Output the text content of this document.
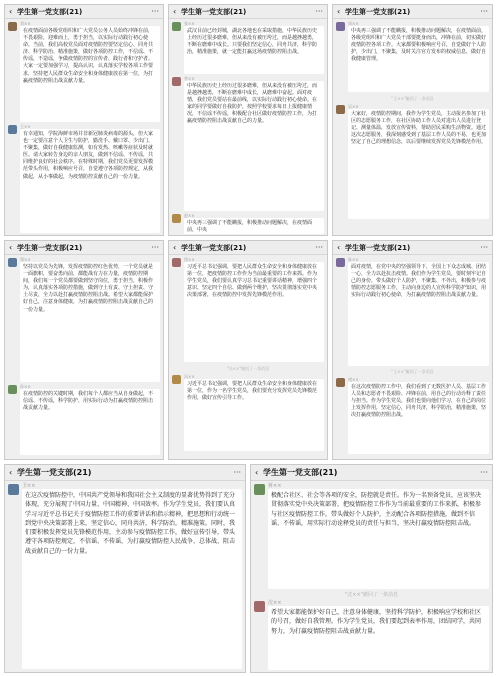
‹ 学生第一党支部(21)	···
刘××
在疫情面前各级党组织和广大党员公务人员始终冲锋在前，不畏艰险，迎难而上，勇于担当，以实际行动践行初心使命。当前，我们高校党员面对疫情防控要坚定信心、同舟共济、科学防治、精准施策，做好各项防控工作，不信谣、不传谣，不造谣，争做疫情防控的宣传者、践行者和守护者。大家一定要加强学习，提高认识，认真落实学校各项工作要求，坚持把人民群众生命安全和身体健康放在第一位，为打赢疫情防控阻击战贡献力量。
王××
有幸通知，学院海鲜市场并非新冠肺炎病毒的源头，但大家也一定要注意个人卫生与防护，勤洗手、戴口罩、少出门、不聚集，做好自我健康监测，如有发热、咳嗽等症状及时就医。请大家转告身边的亲人朋友，做到不信谣、不传谣，共同维护良好的社会秩序。在特殊时期，我们党员更要发挥模范带头作用，积极响应号召，自觉遵守各项防控规定，从我做起，从小事做起，为疫情防控贡献自己的一份力量。
‹ 学生第一党支部(21)	···
张××
武汉目前已经封城，湖北各地也在采取措施，中华民族历史上经历过很多磨难，但从来没有被压垮过，而是越挫越勇，不断在磨难中成长。只要我们坚定信心，同舟共济，科学防治，精准施策，就一定能打赢这场疫情防控阻击战。
李××
中华民族历史上经历过很多磨难，但从来没有被压垮过，而是越挫越勇，不断在磨难中成长，从磨难中奋起。面对疫情，我们党员要站在最前线，以实际行动践行初心使命。在家的同学要做好自我防护，按照学校要求每日上报健康情况，不信谣不传谣，积极配合社区做好疫情防控工作，为打赢疫情防控阻击战贡献自己的力量。
赵××
中央再三强调了不能瞒报，积极推动问题解决，在疫情面前，中央
‹ 学生第一党支部(21)	···
周××
中央再三强调了不能瞒报，积极推动问题解决，在疫情面前，各级党组织和广大党员干部要挺身而出，冲锋在前，切实做好疫情防控各项工作。大家都要积极响应号召，自觉做好个人防护，少出门，不聚集，及时关注官方发布的权威信息，做好自我健康管理。
"王××"撤回了一条消息
吴××
大家好，疫情防控期间，我作为学生党员，主动报名参加了社区的志愿服务工作，在社区协助工作人员对进出人员进行登记、测量体温，发放宣传资料，帮助居民采购生活物资。通过这次志愿服务，我深刻感受到了基层工作人员的不易，也更加坚定了自己的理想信念，以后要继续发挥党员先锋模范作用。
‹ 学生第一党支部(21)	···
郑××
坚持以党员为先锋，发挥疫情防控红色优势，一个党员就是一面旗帜，要奋勇向前，都能战有力在力量，疫情防控期间，我们每一个党员都要做到坚守岗位，勇于担当，积极作为，认真落实各项防控措施，做到守土有责、守土担责、守土尽责，全力以赴打赢疫情防控阻击战。希望大家都能保护好自己，注意身体健康，为打赢疫情防控阻击战贡献自己的一份力量。
孙××
在疫情防控的关键时期，我们每个人都应当从自身做起，不信谣、不传谣，科学防护，用实际行动为打赢疫情防控阻击战贡献力量。
‹ 学生第一党支部(21)	···
钱××
习近平总书记强调，要把人民群众生命安全和身体健康放在第一位，把疫情防控工作作为当前最重要的工作来抓。作为学生党员，我们要认真学习总书记重要讲话精神，增强四个意识、坚定四个自信、做到两个维护，坚决贯彻落实党中央决策部署，在疫情防控中发挥先锋模范作用。
"冯××"撤回了一条消息
冯××
习近平总书记强调，要把人民群众生命安全和身体健康放在第一位，作为一名学生党员，我们要充分发挥党员先锋模范作用，做好宣传引导工作。
‹ 学生第一党支部(21)	···
陈××
面对疫情，在党中央的坚强领导下，全国上下众志成城、团结一心，全力以赴抗击疫情。我们作为学生党员，要时刻牢记自己的身份，带头做好个人防护，不聚集、不外出，积极参与疫情防控志愿服务工作，主动向身边的人宣传科学防护知识，用实际行动践行初心使命，为打赢疫情防控阻击战贡献力量。
"王××"撤回了一条消息
褚××
在这次疫情防控工作中，我们看到了无数医护人员、基层工作人员和志愿者不畏艰险、冲锋在前，用自己的行动诠释了责任与担当。作为学生党员，我们也要向他们学习，在自己的岗位上发挥作用，坚定信心，同舟共济，科学防治，精准施策，坚决打赢疫情防控阻击战。
‹ 学生第一党支部(21)	···
卫××
在这次疫情防控中，中国共产党领导和我国社会主义制度的显著优势得到了充分体现，充分展现了中国力量、中国精神、中国效率。作为学生党员，我们要认真学习习近平总书记关于疫情防控工作的重要讲话和指示精神，把思想和行动统一到党中央决策部署上来，坚定信心，同舟共济，科学防治，精准施策。同时，我们要积极发挥党员先锋模范作用，主动参与疫情防控工作，做好宣传引导，带头遵守各项防控规定，不信谣、不传谣，为打赢疫情防控人民战争、总体战、阻击战贡献自己的一份力量。
‹ 学生第一党支部(21)	···
蒋××
极配合社区、社会等各项的安全，防控就是责任。作为一名预备党员，应该坚决贯彻落实党中央决策部署，把疫情防控工作作为当前最重要的工作来抓，积极参与社区疫情防控工作，带头做好个人防护，主动配合各项防控措施，做到不信谣、不传谣，用实际行动诠释党员的责任与担当，坚决打赢疫情防控阻击战。
"沈××"撤回了一条消息
沈××
希望大家都能保护好自己，注意身体健康，坚持科学防护，积极响应学校和社区的号召，做好自我管理。作为学生党员，我们要起到表率作用，团结同学，共同努力，为打赢疫情防控阻击战贡献力量。
